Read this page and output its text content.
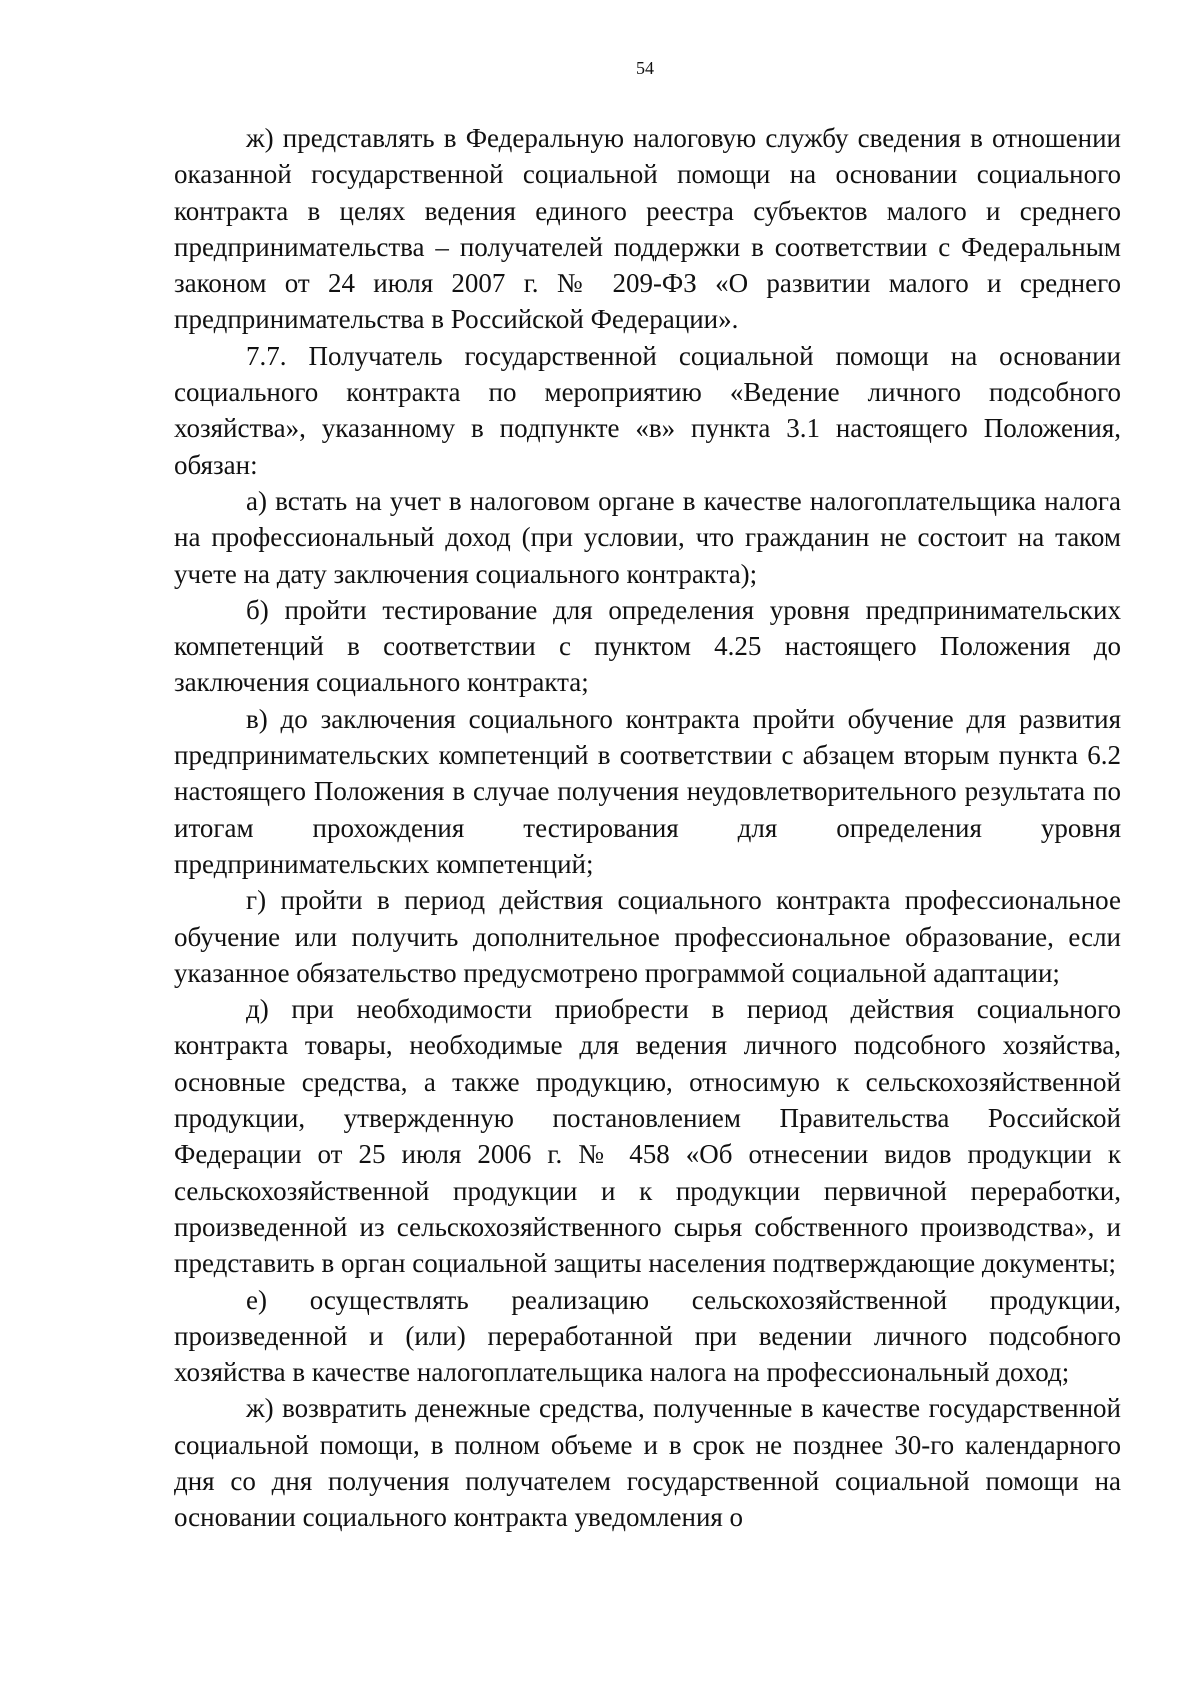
54

ж) представлять в Федеральную налоговую службу сведения в отношении оказанной государственной социальной помощи на основании социального контракта в целях ведения единого реестра субъектов малого и среднего предпринимательства – получателей поддержки в соответствии с Федеральным законом от 24 июля 2007 г. № 209-ФЗ «О развитии малого и среднего предпринимательства в Российской Федерации».

7.7. Получатель государственной социальной помощи на основании социального контракта по мероприятию «Ведение личного подсобного хозяйства», указанному в подпункте «в» пункта 3.1 настоящего Положения, обязан:

а) встать на учет в налоговом органе в качестве налогоплательщика налога на профессиональный доход (при условии, что гражданин не состоит на таком учете на дату заключения социального контракта);

б) пройти тестирование для определения уровня предпринимательских компетенций в соответствии с пунктом 4.25 настоящего Положения до заключения социального контракта;

в) до заключения социального контракта пройти обучение для развития предпринимательских компетенций в соответствии с абзацем вторым пункта 6.2 настоящего Положения в случае получения неудовлетворительного результата по итогам прохождения тестирования для определения уровня предпринимательских компетенций;

г) пройти в период действия социального контракта профессиональное обучение или получить дополнительное профессиональное образование, если указанное обязательство предусмотрено программой социальной адаптации;

д) при необходимости приобрести в период действия социального контракта товары, необходимые для ведения личного подсобного хозяйства, основные средства, а также продукцию, относимую к сельскохозяйственной продукции, утвержденную постановлением Правительства Российской Федерации от 25 июля 2006 г. № 458 «Об отнесении видов продукции к сельскохозяйственной продукции и к продукции первичной переработки, произведенной из сельскохозяйственного сырья собственного производства», и представить в орган социальной защиты населения подтверждающие документы;

е) осуществлять реализацию сельскохозяйственной продукции, произведенной и (или) переработанной при ведении личного подсобного хозяйства в качестве налогоплательщика налога на профессиональный доход;

ж) возвратить денежные средства, полученные в качестве государственной социальной помощи, в полном объеме и в срок не позднее 30-го календарного дня со дня получения получателем государственной социальной помощи на основании социального контракта уведомления о
